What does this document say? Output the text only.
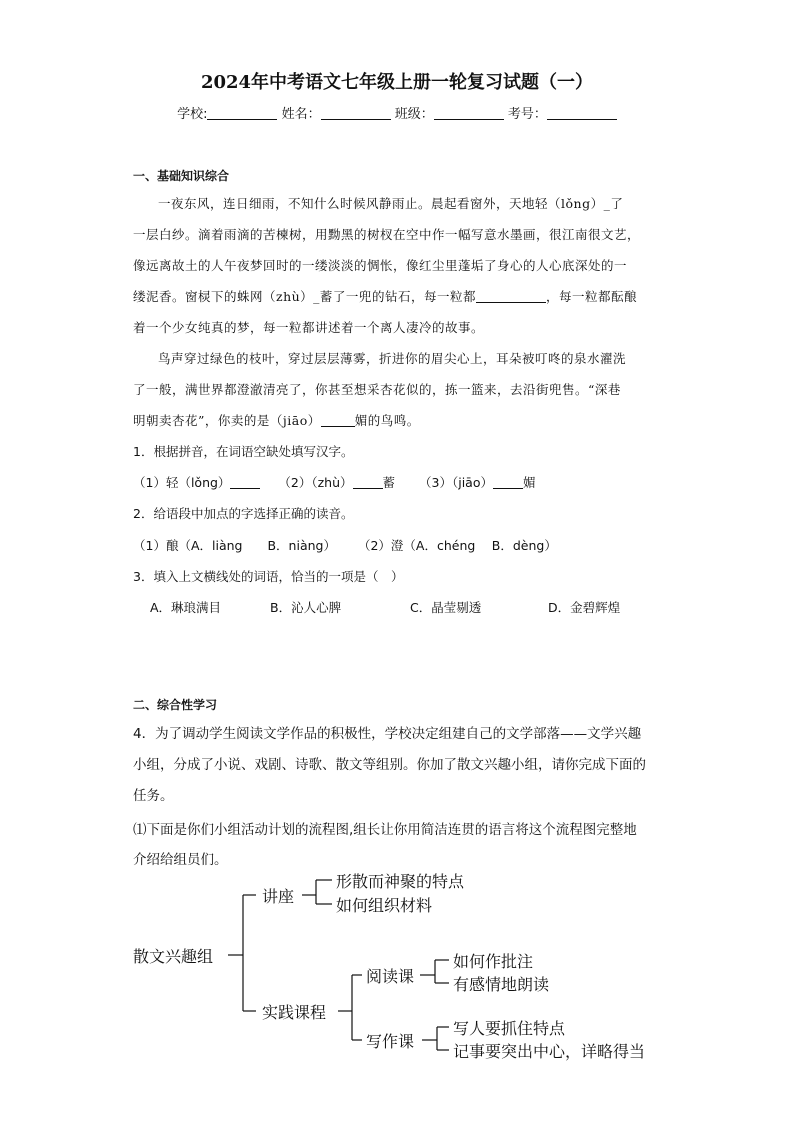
2024年中考语文七年级上册一轮复习试题（一）
学校:	姓名：	班级：	考号：
一、基础知识综合
一夜东风，连日细雨，不知什么时候风静雨止。晨起看窗外，天地轻（lǒng）_了
一层白纱。滴着雨滴的苦楝树，用黝黑的树杈在空中作一幅写意水墨画，很江南很文艺，
像远离故土的人午夜梦回时的一缕淡淡的惆怅，像红尘里蓬垢了身心的人心底深处的一
缕泥香。窗棂下的蛛网（zhù）_蓄了一兜的钻石，每一粒都	，每一粒都酝酿
着一个少女纯真的梦，每一粒都讲述着一个离人凄冷的故事。
鸟声穿过绿色的枝叶，穿过层层薄雾，折进你的眉尖心上，耳朵被叮咚的泉水濯洗
了一般，满世界都澄澈清亮了，你甚至想采杏花似的，拣一篮来，去沿街兜售。“深巷
明朝卖杏花”，你卖的是（jiāo）	媚的鸟鸣。
1．根据拼音，在词语空缺处填写汉字。
（1）轻（lǒng）	（2）（zhù） 蓄 （3）（jiāo） 媚
2．给语段中加点的字选择正确的读音。
（1）酿（A．liàng　　B．niàng） （2）澄（A．chéng　 B．dèng）
3．填入上文横线处的词语，恰当的一项是（　）
A．琳琅满目	B．沁人心脾	C．晶莹剔透	D．金碧辉煌
二、综合性学习
4．为了调动学生阅读文学作品的积极性，学校决定组建自己的文学部落——文学兴趣
小组，分成了小说、戏剧、诗歌、散文等组别。你加了散文兴趣小组，请你完成下面的
任务。
⑴下面是你们小组活动计划的流程图,组长让你用简洁连贯的语言将这个流程图完整地
介绍给组员们。
散文兴趣组
讲座
形散而神聚的特点
如何组织材料
实践课程
阅读课
如何作批注
有感情地朗读
写作课
写人要抓住特点
记事要突出中心，详略得当
